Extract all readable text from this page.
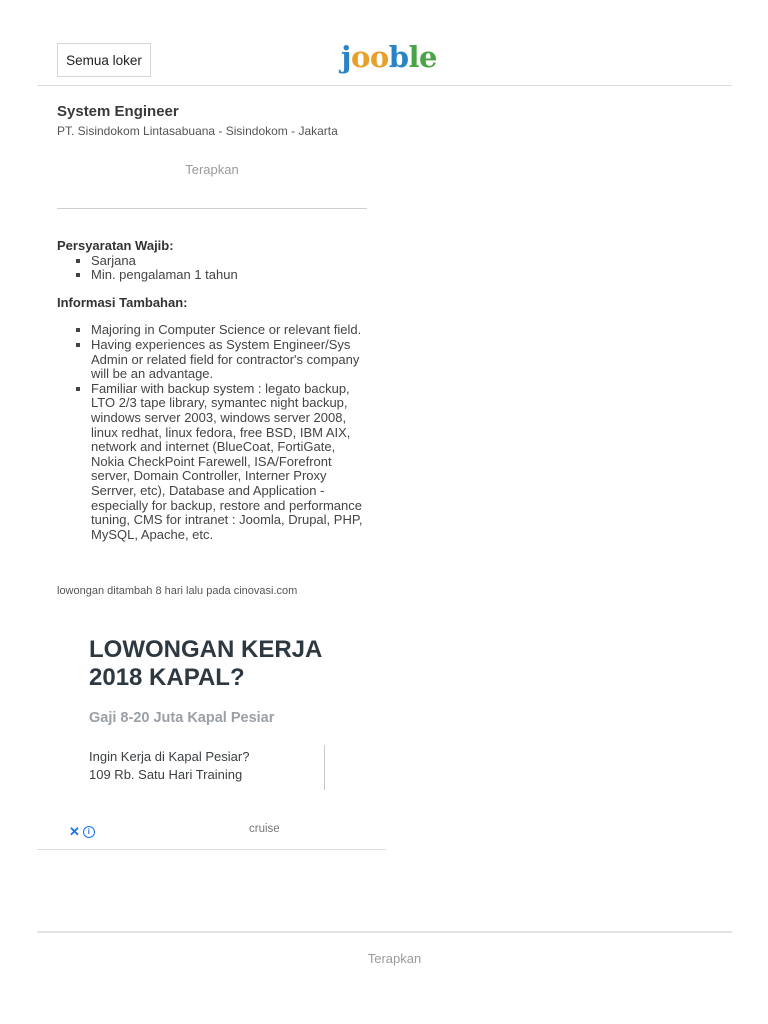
Semua loker	jooble
System Engineer
PT. Sisindokom Lintasabuana - Sisindokom - Jakarta
Terapkan
Persyaratan Wajib:
▪ Sarjana
▪ Min. pengalaman 1 tahun
Informasi Tambahan:
▪ Majoring in Computer Science or relevant field.
▪ Having experiences as System Engineer/Sys Admin or related field for contractor's company will be an advantage.
▪ Familiar with backup system : legato backup, LTO 2/3 tape library, symantec night backup, windows server 2003, windows server 2008, linux redhat, linux fedora, free BSD, IBM AIX, network and internet (BlueCoat, FortiGate, Nokia CheckPoint Farewell, ISA/Forefront server, Domain Controller, Interner Proxy Serrver, etc), Database and Application - especially for backup, restore and performance tuning, CMS for intranet : Joomla, Drupal, PHP, MySQL, Apache, etc.
lowongan ditambah 8 hari lalu pada cinovasi.com
LOWONGAN KERJA
2018 KAPAL?
Gaji 8-20 Juta Kapal Pesiar
Ingin Kerja di Kapal Pesiar?
109 Rb. Satu Hari Training
✕ i	cruise
Terapkan
